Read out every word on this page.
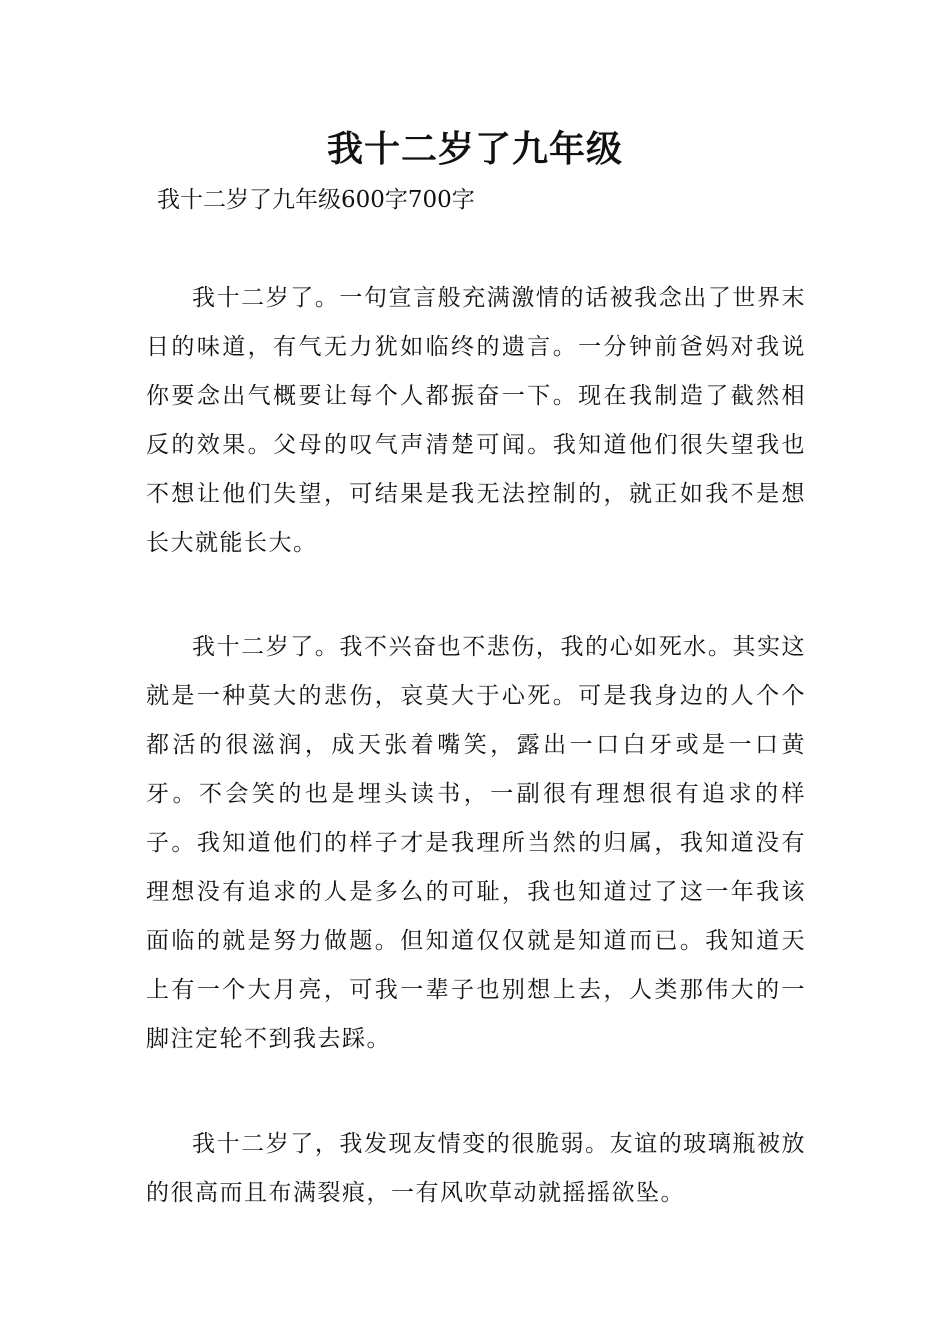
我十二岁了九年级

我十二岁了九年级600字700字

我十二岁了。一句宣言般充满激情的话被我念出了世界末日的味道，有气无力犹如临终的遗言。一分钟前爸妈对我说你要念出气概要让每个人都振奋一下。现在我制造了截然相反的效果。父母的叹气声清楚可闻。我知道他们很失望我也不想让他们失望，可结果是我无法控制的，就正如我不是想长大就能长大。

我十二岁了。我不兴奋也不悲伤，我的心如死水。其实这就是一种莫大的悲伤，哀莫大于心死。可是我身边的人个个都活的很滋润，成天张着嘴笑，露出一口白牙或是一口黄牙。不会笑的也是埋头读书，一副很有理想很有追求的样子。我知道他们的样子才是我理所当然的归属，我知道没有理想没有追求的人是多么的可耻，我也知道过了这一年我该面临的就是努力做题。但知道仅仅就是知道而已。我知道天上有一个大月亮，可我一辈子也别想上去，人类那伟大的一脚注定轮不到我去踩。

我十二岁了，我发现友情变的很脆弱。友谊的玻璃瓶被放的很高而且布满裂痕，一有风吹草动就摇摇欲坠。
